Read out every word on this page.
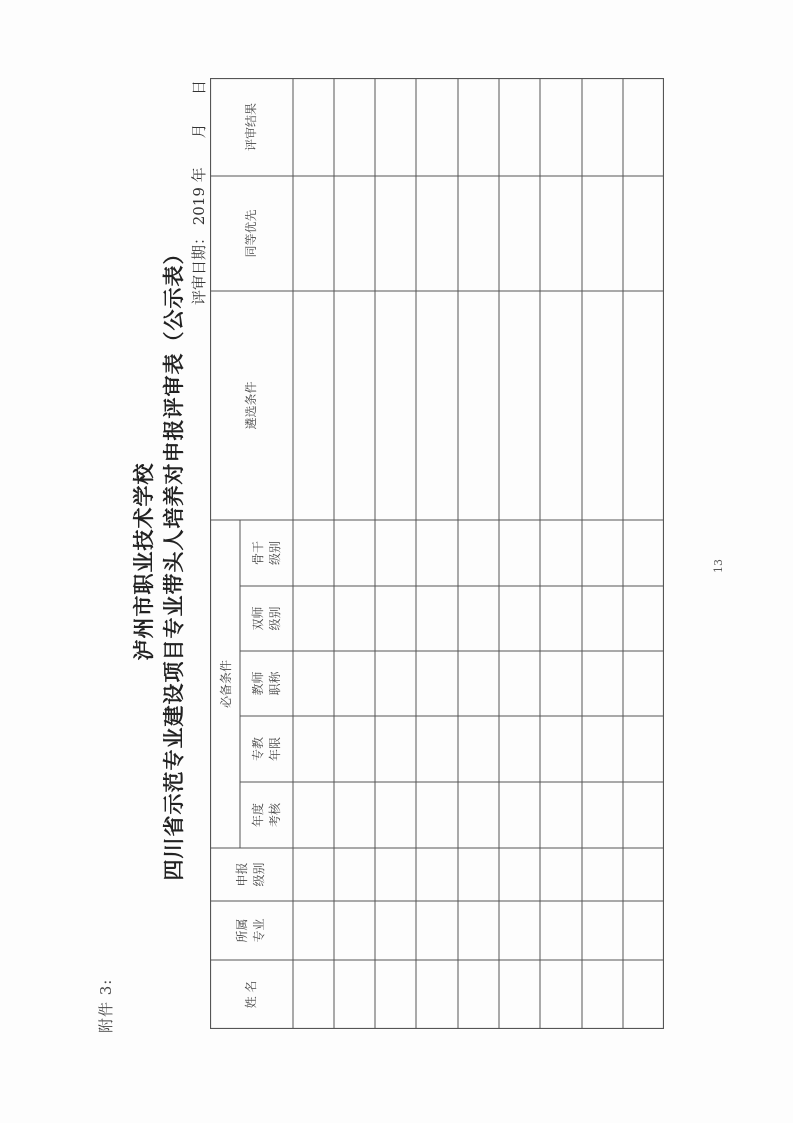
附件 3:
泸州市职业技术学校 四川省示范专业建设项目专业带头人培养对申报评审表（公示表） 评审日期： 2019 年      月      日
姓 名
所属专业
申报级别
必备条件
年度考核
专教年限
教师职称
双师级别
骨干级别
遴选条件
同等优先
评审结果
13
